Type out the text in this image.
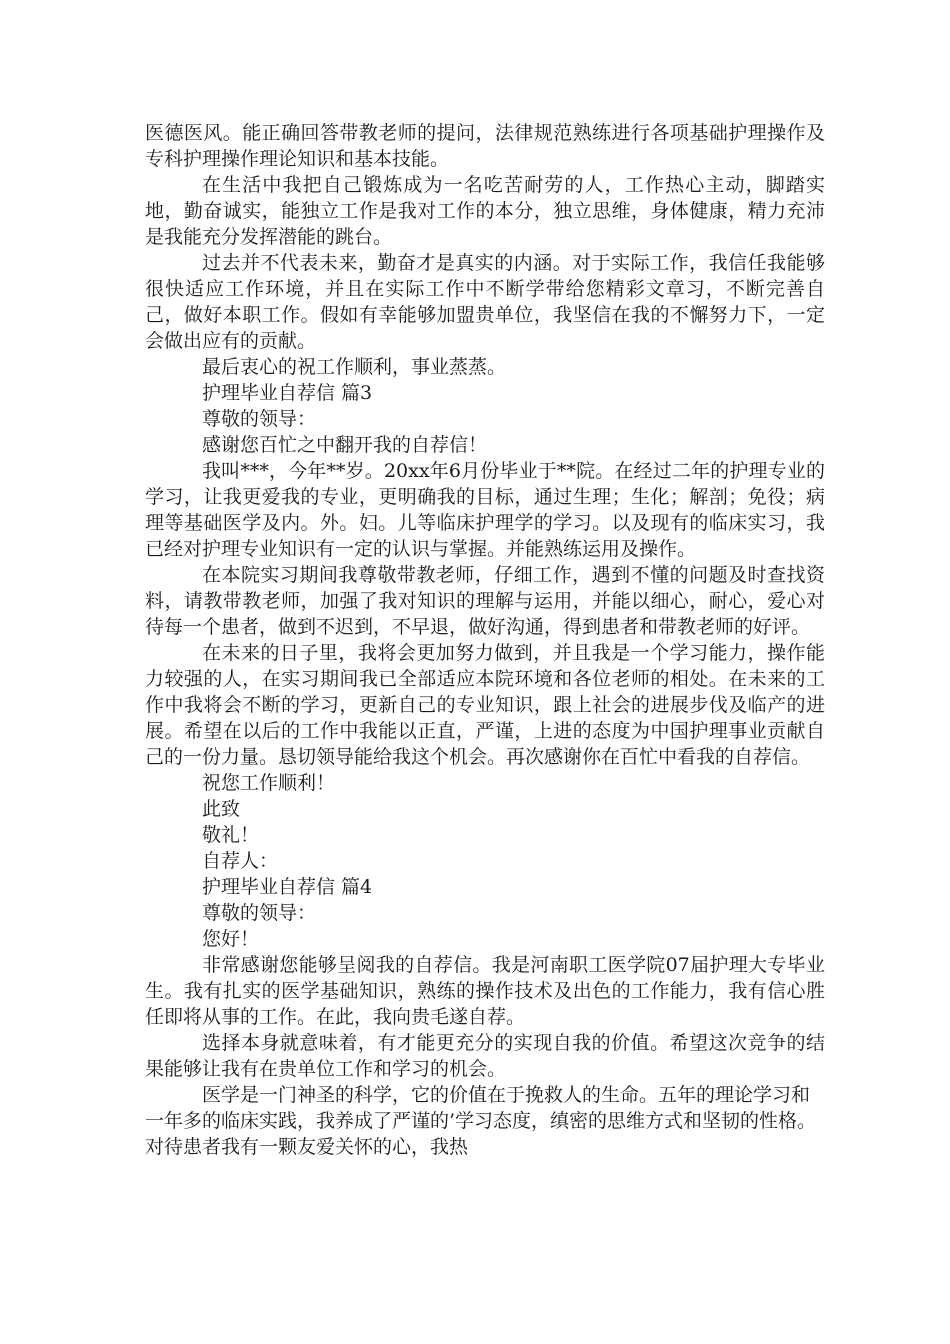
医德医风。能正确回答带教老师的提问，法律规范熟练进行各项基础护理操作及专科护理操作理论知识和基本技能。

在生活中我把自己锻炼成为一名吃苦耐劳的人，工作热心主动，脚踏实地，勤奋诚实，能独立工作是我对工作的本分，独立思维，身体健康，精力充沛是我能充分发挥潜能的跳台。

过去并不代表未来，勤奋才是真实的内涵。对于实际工作，我信任我能够很快适应工作环境，并且在实际工作中不断学带给您精彩文章习，不断完善自己，做好本职工作。假如有幸能够加盟贵单位，我坚信在我的不懈努力下，一定会做出应有的贡献。

最后衷心的祝工作顺利，事业蒸蒸。

护理毕业自荐信 篇3

尊敬的领导：

感谢您百忙之中翻开我的自荐信！

我叫***，今年**岁。20xx年6月份毕业于**院。在经过二年的护理专业的学习，让我更爱我的专业，更明确我的目标，通过生理；生化；解剖；免役；病理等基础医学及内。外。妇。儿等临床护理学的学习。以及现有的临床实习，我已经对护理专业知识有一定的认识与掌握。并能熟练运用及操作。

在本院实习期间我尊敬带教老师，仔细工作，遇到不懂的问题及时查找资料，请教带教老师，加强了我对知识的理解与运用，并能以细心，耐心，爱心对待每一个患者，做到不迟到，不早退，做好沟通，得到患者和带教老师的好评。

在未来的日子里，我将会更加努力做到，并且我是一个学习能力，操作能力较强的人，在实习期间我已全部适应本院环境和各位老师的相处。在未来的工作中我将会不断的学习，更新自己的专业知识，跟上社会的进展步伐及临产的进展。希望在以后的工作中我能以正直，严谨，上进的态度为中国护理事业贡献自己的一份力量。恳切领导能给我这个机会。再次感谢你在百忙中看我的自荐信。

祝您工作顺利！

此致

敬礼！

自荐人：

护理毕业自荐信 篇4

尊敬的领导：

您好！

非常感谢您能够呈阅我的自荐信。我是河南职工医学院07届护理大专毕业生。我有扎实的医学基础知识，熟练的操作技术及出色的工作能力，我有信心胜任即将从事的工作。在此，我向贵毛遂自荐。

选择本身就意味着，有才能更充分的实现自我的价值。希望这次竞争的结果能够让我有在贵单位工作和学习的机会。

医学是一门神圣的科学，它的价值在于挽救人的生命。五年的理论学习和一年多的临床实践，我养成了严谨的’学习态度，缜密的思维方式和坚韧的性格。对待患者我有一颗友爱关怀的心，我热
